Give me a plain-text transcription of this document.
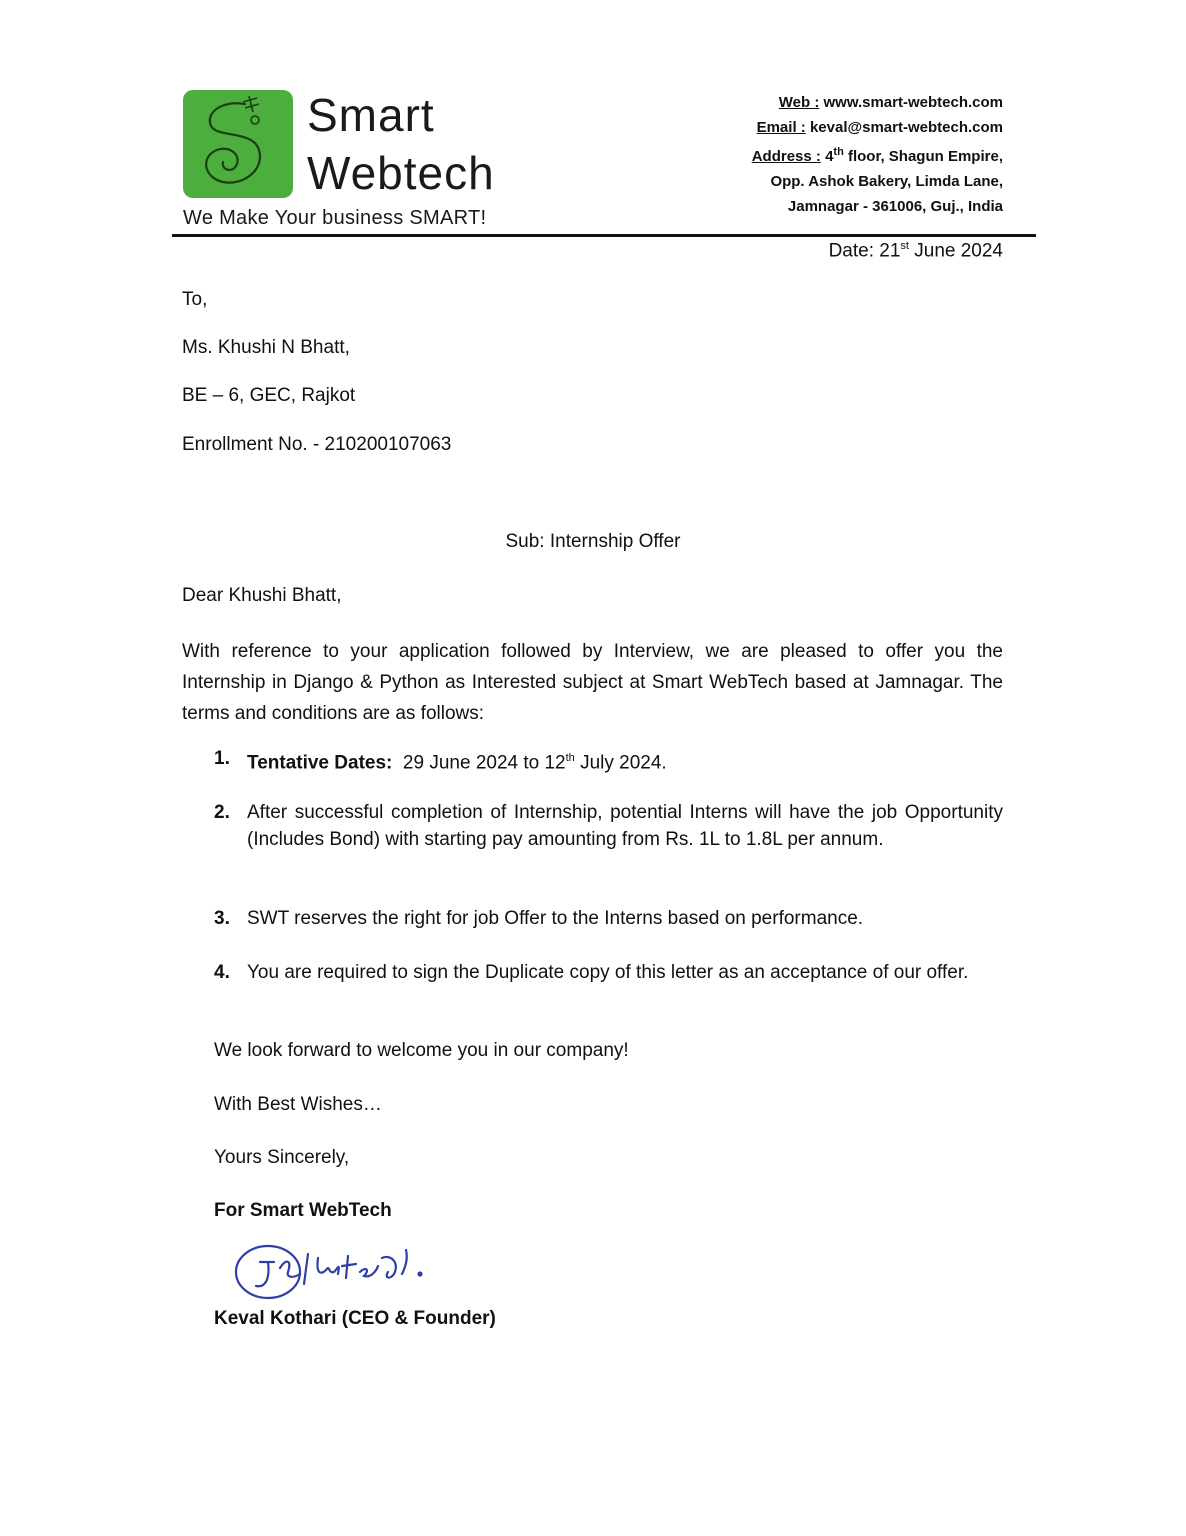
Smart
Webtech
We Make Your business SMART!
Web : www.smart-webtech.com
Email : keval@smart-webtech.com
Address : 4th floor, Shagun Empire,
Opp. Ashok Bakery, Limda Lane,
Jamnagar - 361006, Guj., India
Date: 21st June 2024
To,
Ms. Khushi N Bhatt,
BE – 6, GEC, Rajkot
Enrollment No. - 210200107063
Sub: Internship Offer
Dear Khushi Bhatt,
With reference to your application followed by Interview, we are pleased to offer you the Internship in Django & Python as Interested subject at Smart WebTech based at Jamnagar. The terms and conditions are as follows:
1. Tentative Dates: 29 June 2024 to 12th July 2024.
2. After successful completion of Internship, potential Interns will have the job Opportunity (Includes Bond) with starting pay amounting from Rs. 1L to 1.8L per annum.
3. SWT reserves the right for job Offer to the Interns based on performance.
4. You are required to sign the Duplicate copy of this letter as an acceptance of our offer.
We look forward to welcome you in our company!
With Best Wishes…
Yours Sincerely,
For Smart WebTech
Keval Kothari (CEO & Founder)
